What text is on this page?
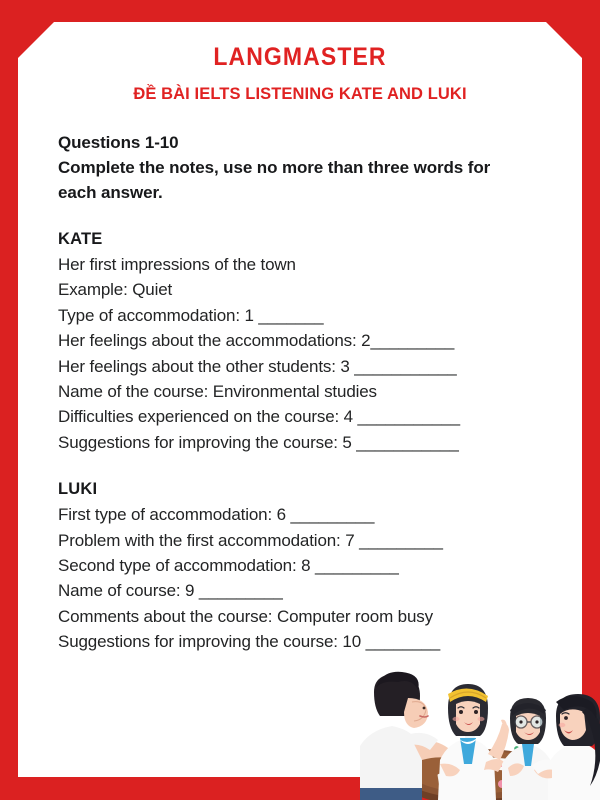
LANGMASTER
ĐỀ BÀI IELTS LISTENING KATE AND LUKI
Questions 1-10
Complete the notes, use no more than three words for
each answer.
KATE
Her first impressions of the town
Example: Quiet
Type of accommodation: 1 _______
Her feelings about the accommodations: 2_________
Her feelings about the other students: 3 ___________
Name of the course: Environmental studies
Difficulties experienced on the course: 4 ___________
Suggestions for improving the course: 5 ___________
LUKI
First type of accommodation: 6 _________
Problem with the first accommodation: 7 _________
Second type of accommodation: 8 _________
Name of course: 9 _________
Comments about the course: Computer room busy
Suggestions for improving the course: 10 ________
